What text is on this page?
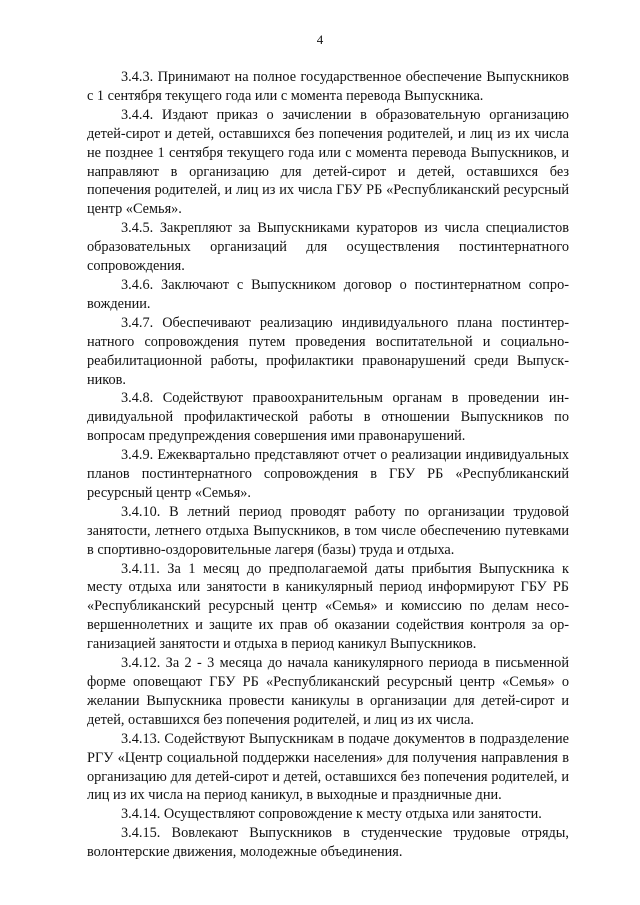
4

3.4.3. Принимают на полное государственное обеспечение Выпускников с 1 сентября текущего года или с момента перевода Выпускника.

3.4.4. Издают приказ о зачислении в образовательную организацию детей-сирот и детей, оставшихся без попечения родителей, и лиц из их числа не позднее 1 сентября текущего года или с момента перевода Выпускников, и направляют в организацию для детей-сирот и детей, оставшихся без попечения родителей, и лиц из их числа ГБУ РБ «Республиканский ресурсный центр «Семья».

3.4.5. Закрепляют за Выпускниками кураторов из числа специалистов образовательных организаций для осуществления постинтернатного сопровождения.

3.4.6. Заключают с Выпускником договор о постинтернатном сопровождении.

3.4.7. Обеспечивают реализацию индивидуального плана постинтернатного сопровождения путем проведения воспитательной и социально-реабилитационной работы, профилактики правонарушений среди Выпускников.

3.4.8. Содействуют правоохранительным органам в проведении индивидуальной профилактической работы в отношении Выпускников по вопросам предупреждения совершения ими правонарушений.

3.4.9. Ежеквартально представляют отчет о реализации индивидуальных планов постинтернатного сопровождения в ГБУ РБ «Республиканский ресурсный центр «Семья».

3.4.10. В летний период проводят работу по организации трудовой занятости, летнего отдыха Выпускников, в том числе обеспечению путевками в спортивно-оздоровительные лагеря (базы) труда и отдыха.

3.4.11. За 1 месяц до предполагаемой даты прибытия Выпускника к месту отдыха или занятости в каникулярный период информируют ГБУ РБ «Республиканский ресурсный центр «Семья» и комиссию по делам несовершеннолетних и защите их прав об оказании содействия контроля за организацией занятости и отдыха в период каникул Выпускников.

3.4.12. За 2 - 3 месяца до начала каникулярного периода в письменной форме оповещают ГБУ РБ «Республиканский ресурсный центр «Семья» о желании Выпускника провести каникулы в организации для детей-сирот и детей, оставшихся без попечения родителей, и лиц из их числа.

3.4.13. Содействуют Выпускникам в подаче документов в подразделение РГУ «Центр социальной поддержки населения» для получения направления в организацию для детей-сирот и детей, оставшихся без попечения родителей, и лиц из их числа на период каникул, в выходные и праздничные дни.

3.4.14. Осуществляют сопровождение к месту отдыха или занятости.

3.4.15. Вовлекают Выпускников в студенческие трудовые отряды, волонтерские движения, молодежные объединения.
